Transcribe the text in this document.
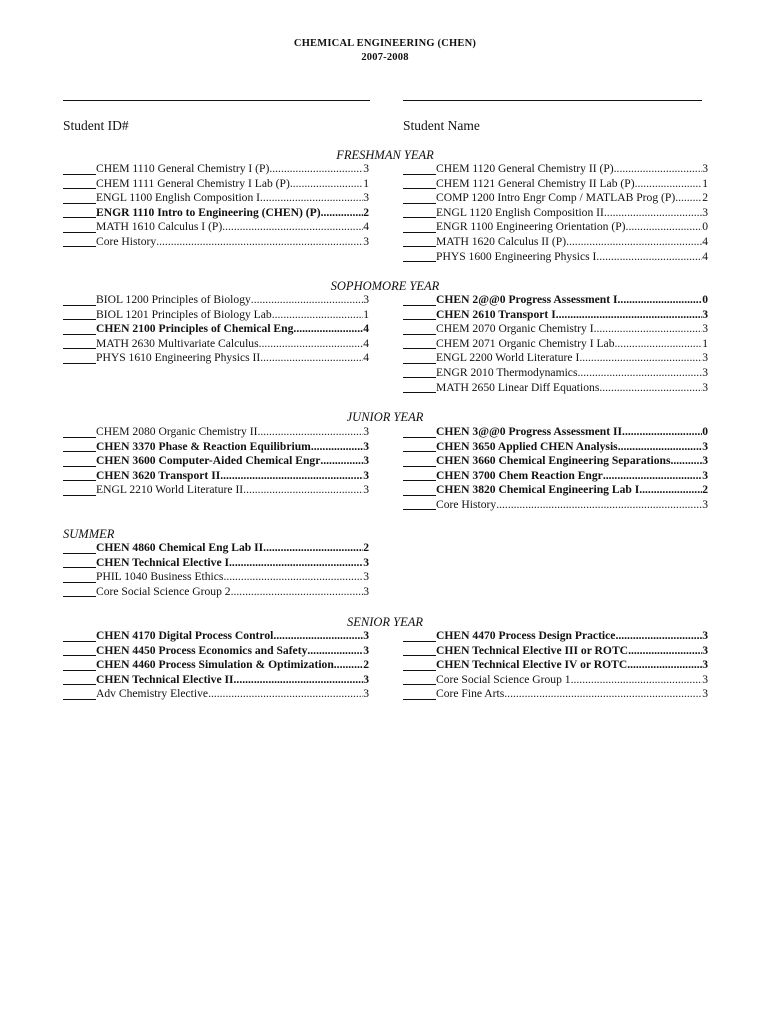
CHEMICAL ENGINEERING (CHEN)
2007-2008
Student ID#	Student Name
FRESHMAN YEAR
CHEM 1110 General Chemistry I (P) .....	3
CHEM 1111 General Chemistry I Lab (P) .....	1
ENGL 1100 English Composition I .....	3
ENGR 1110 Intro to Engineering (CHEN) (P) .....	2
MATH 1610 Calculus I (P) .....	4
Core History .....	3
CHEM 1120 General Chemistry II (P) .....	3
CHEM 1121 General Chemistry II Lab (P) .....	1
COMP 1200 Intro Engr Comp / MATLAB Prog (P) ..... 2
ENGL 1120 English Composition II .....	3
ENGR 1100 Engineering Orientation (P) .....	0
MATH 1620 Calculus II (P) .....	4
PHYS 1600 Engineering Physics I .....	4
SOPHOMORE YEAR
BIOL 1200 Principles of Biology .....	3
BIOL 1201 Principles of Biology Lab .....	1
CHEN 2100 Principles of Chemical Eng .....	4
MATH 2630 Multivariate Calculus .....	4
PHYS 1610 Engineering Physics II .....	4
CHEN 2@@0 Progress Assessment I .....	0
CHEN 2610 Transport I .....	3
CHEM 2070 Organic Chemistry I .....	3
CHEM 2071 Organic Chemistry I Lab .....	1
ENGL 2200 World Literature I .....	3
ENGR 2010 Thermodynamics .....	3
MATH 2650 Linear Diff Equations .....	3
JUNIOR YEAR
CHEM 2080 Organic Chemistry II .....	3
CHEN 3370 Phase & Reaction Equilibrium .....	3
CHEN 3600 Computer-Aided Chemical Engr .....	3
CHEN 3620 Transport II .....	3
ENGL 2210 World Literature II .....	3
CHEN 3@@0 Progress Assessment II .....	0
CHEN 3650 Applied CHEN Analysis .....	3
CHEN 3660 Chemical Engineering Separations. ..... 3
CHEN 3700 Chem Reaction Engr .....	3
CHEN 3820 Chemical Engineering Lab I .....	2
Core History .....	3
SUMMER
CHEN 4860 Chemical Eng Lab II .....	2
CHEN Technical Elective I .....	3
PHIL 1040 Business Ethics .....	3
Core Social Science Group 2 .....	3
SENIOR YEAR
CHEN 4170 Digital Process Control .....	3
CHEN 4450 Process Economics and Safety .....	3
CHEN 4460 Process Simulation & Optimization .....	2
CHEN Technical Elective II .....	3
Adv Chemistry Elective .....	3
CHEN 4470 Process Design Practice .....	3
CHEN Technical Elective III or ROTC .....	3
CHEN Technical Elective IV or ROTC .....	3
Core Social Science Group 1 .....	3
Core Fine Arts .....	3
